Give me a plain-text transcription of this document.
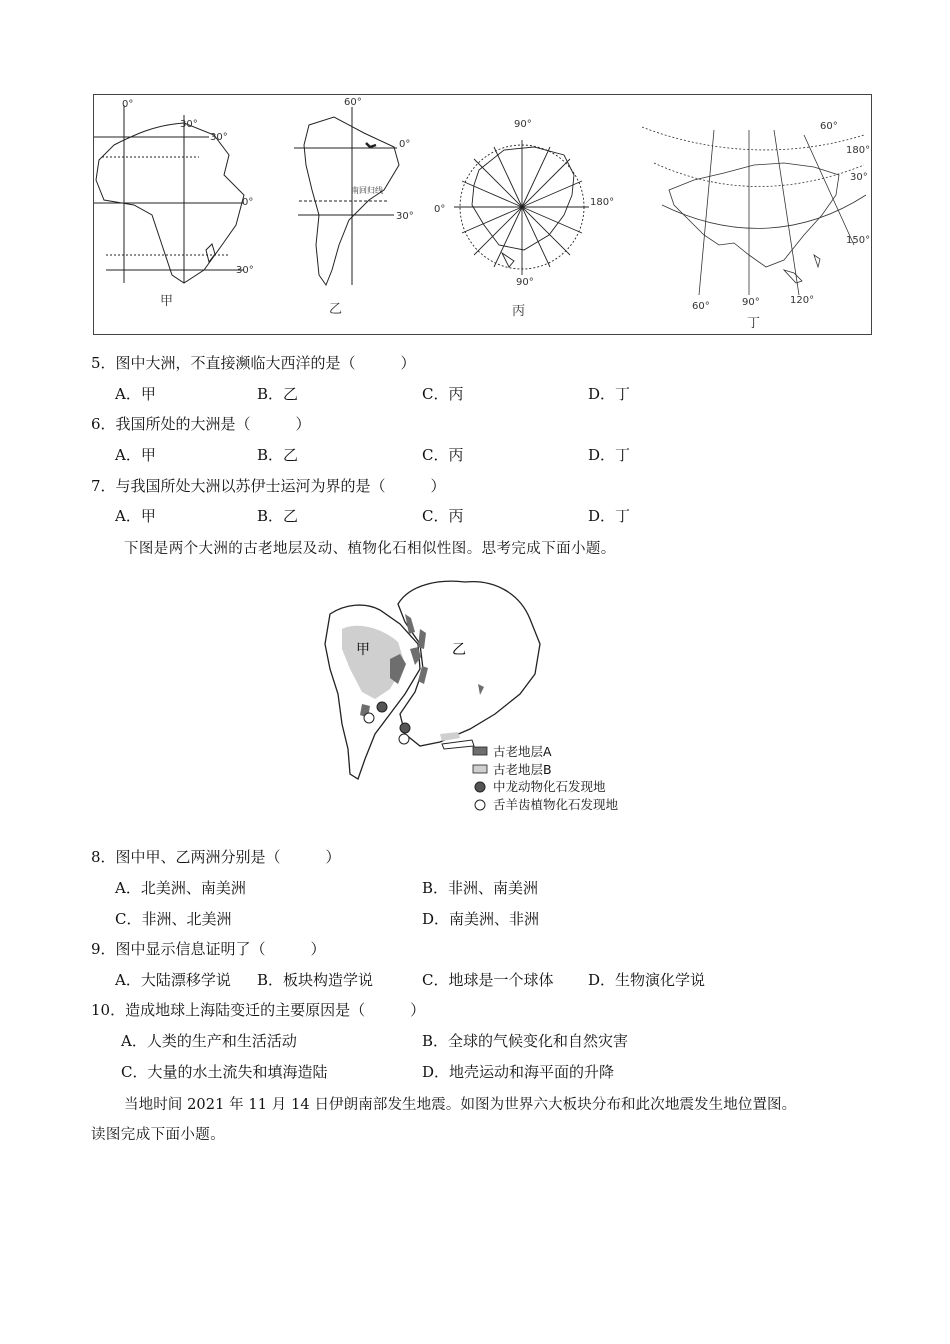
0°
30°
30°
0°
30°
甲
60°
0°
南回归线
30°
乙
90°
0°
180°
90°
丙
60°
180°
30°
150°
60°	90°	120°
丁
5．图中大洲，不直接濒临大西洋的是（　　　）
A．甲	B．乙	C．丙	D．丁
6．我国所处的大洲是（　　　）
A．甲	B．乙	C．丙	D．丁
7．与我国所处大洲以苏伊士运河为界的是（　　　）
A．甲	B．乙	C．丙	D．丁
下图是两个大洲的古老地层及动、植物化石相似性图。思考完成下面小题。
甲	乙
古老地层A
古老地层B
中龙动物化石发现地
舌羊齿植物化石发现地
8．图中甲、乙两洲分别是（　　　）
A．北美洲、南美洲	B．非洲、南美洲
C．非洲、北美洲	D．南美洲、非洲
9．图中显示信息证明了（　　　）
A．大陆漂移学说 B．板块构造学说	C．地球是一个球体 D．生物演化学说
10．造成地球上海陆变迁的主要原因是（　　　）
A．人类的生产和生活活动	B．全球的气候变化和自然灾害
C．大量的水土流失和填海造陆	D．地壳运动和海平面的升降
当地时间 2021 年 11 月 14 日伊朗南部发生地震。如图为世界六大板块分布和此次地震发生地位置图。
读图完成下面小题。
